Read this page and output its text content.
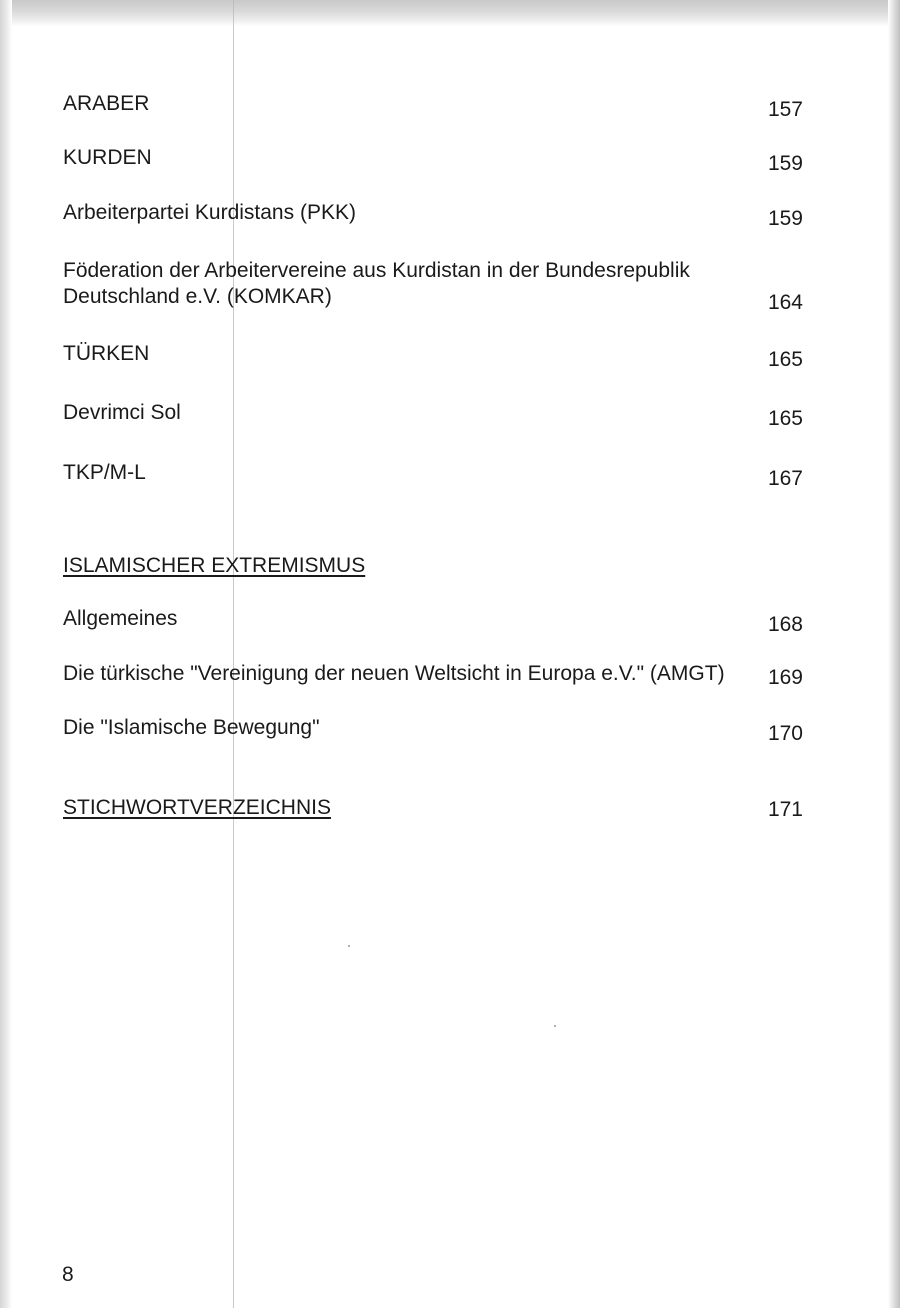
ARABER	157
KURDEN	159
Arbeiterpartei Kurdistans (PKK)	159
Föderation der Arbeitervereine aus Kurdistan in der Bundesrepublik
Deutschland e.V. (KOMKAR)	164
TÜRKEN	165
Devrimci Sol	165
TKP/M-L	167
ISLAMISCHER EXTREMISMUS
Allgemeines	168
Die türkische "Vereinigung der neuen Weltsicht in Europa e.V." (AMGT) 169
Die "Islamische Bewegung"	170
STICHWORTVERZEICHNIS	171
8
